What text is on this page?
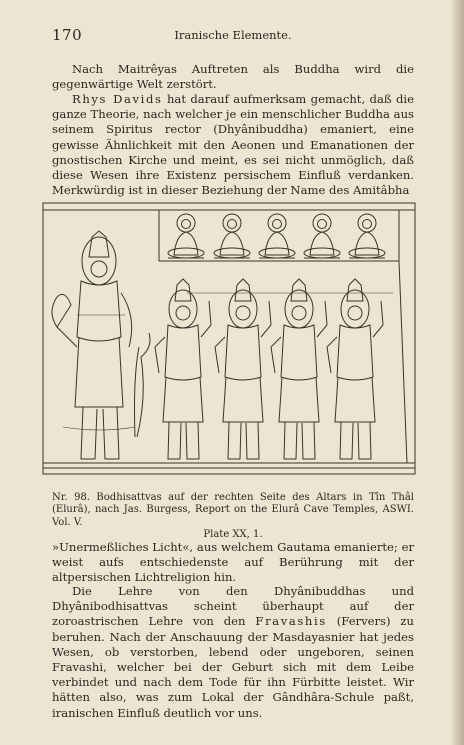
170	Iranische Elemente.
Nach Maitrêyas Auftreten als Buddha wird die gegenwärtige Welt zerstört.
Rhys Davids hat darauf aufmerksam gemacht, daß die ganze Theorie, nach welcher je ein menschlicher Buddha aus seinem Spiritus rector (Dhyânibuddha) emaniert, eine gewisse Ähnlichkeit mit den Aeonen und Emanationen der gnostischen Kirche und meint, es sei nicht unmöglich, daß diese Wesen ihre Existenz persischem Einfluß verdanken. Merkwürdig ist in dieser Beziehung der Name des Amitâbha
Nr. 98. Bodhisattvas auf der rechten Seite des Altars in Tîn Thâl (Elurâ), nach Jas. Burgess, Report on the Elurâ Cave Temples, ASWI. Vol. V.
Plate XX, 1.
»Unermeßliches Licht«, aus welchem Gautama emanierte; er weist aufs entschiedenste auf Berührung mit der altpersischen Lichtreligion hin.
Die Lehre von den Dhyânibuddhas und Dhyânibodhisattvas scheint überhaupt auf der zoroastrischen Lehre von den Fravashis (Fervers) zu beruhen. Nach der Anschauung der Masdayasnier hat jedes Wesen, ob verstorben, lebend oder ungeboren, seinen Fravashi, welcher bei der Geburt sich mit dem Leibe verbindet und nach dem Tode für ihn Fürbitte leistet. Wir hätten also, was zum Lokal der Gândhâra-Schule paßt, iranischen Einfluß deutlich vor uns.
